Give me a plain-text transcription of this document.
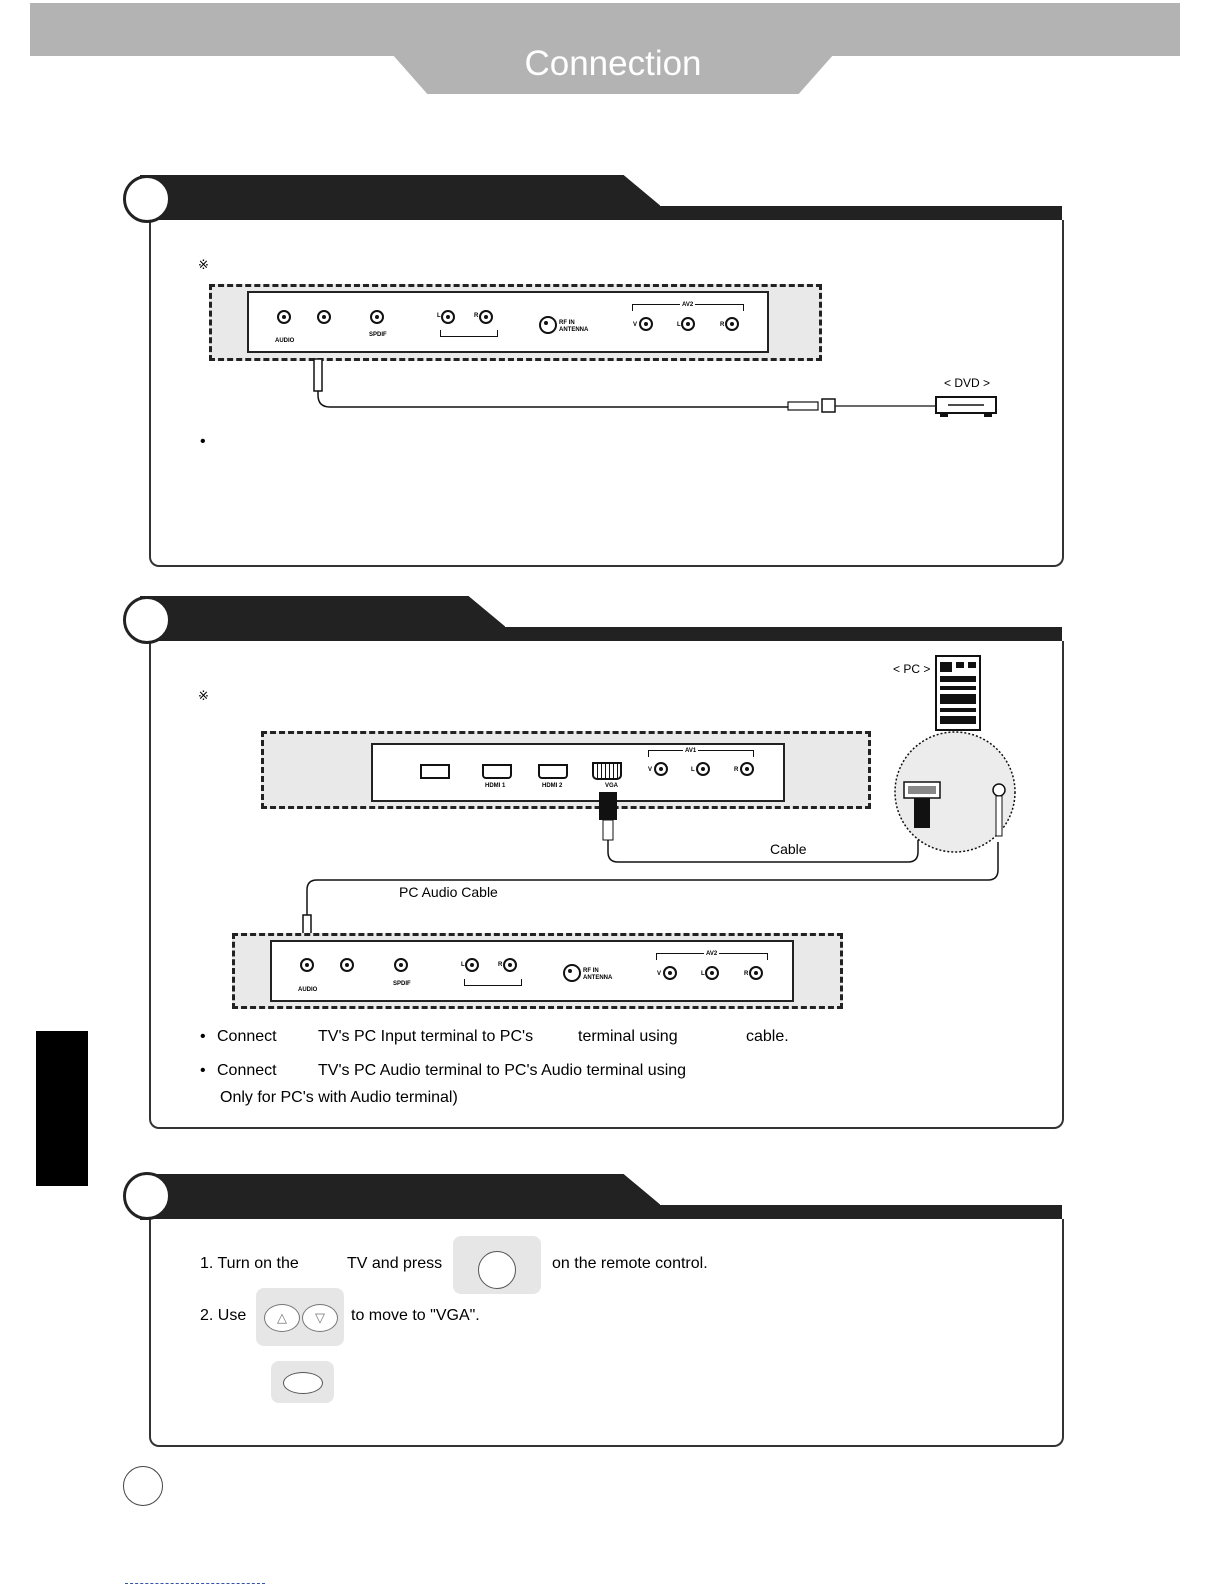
Connection
※
AUDIO
SPDIF
L	R
RF IN
ANTENNA
AV2
V	L	R
< DVD >
•
※
< PC >
HDMI 1	HDMI 2	VGA
AV1
V	L	R
Cable
PC Audio Cable
AUDIO
SPDIF
L	R
RF IN
ANTENNA
AV2
V	L	R
• Connect	TV's PC Input terminal to PC's	terminal using	cable.
• Connect	TV's PC Audio terminal to PC's Audio terminal using
Only for PC's with Audio terminal)
1. Turn on the	TV and press	on the remote control.
2. Use	△	▽	to move to "VGA".
